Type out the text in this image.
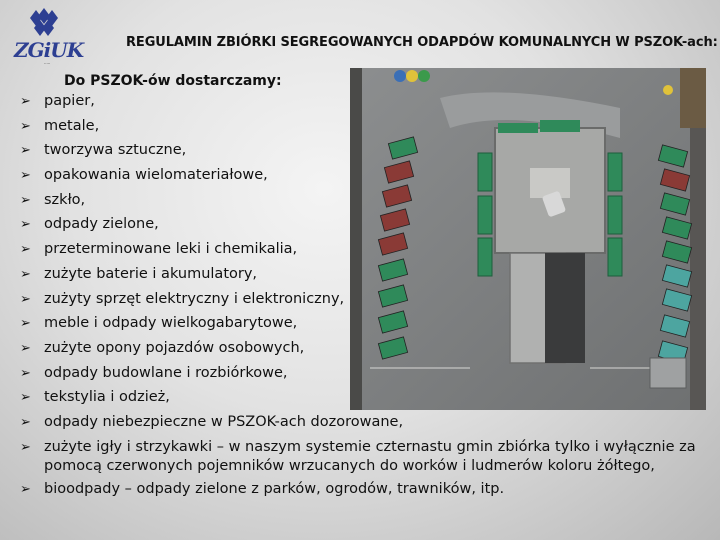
ZGiUK
·····
REGULAMIN ZBIÓRKI SEGREGOWANYCH ODAPDÓW KOMUNALNYCH W PSZOK-ach:
Do PSZOK-ów dostarczamy:
➢ papier,
➢ metale,
➢ tworzywa sztuczne,
➢ opakowania wielomateriałowe,
➢ szkło,
➢ odpady zielone,
➢ przeterminowane leki i chemikalia,
➢ zużyte baterie i akumulatory,
➢ zużyty sprzęt elektryczny i elektroniczny,
➢ meble i odpady wielkogabarytowe,
➢ zużyte opony pojazdów osobowych,
➢ odpady budowlane i rozbiórkowe,
➢ tekstylia i odzież,
➢ odpady niebezpieczne w PSZOK-ach dozorowane,
➢ zużyte igły i strzykawki – w naszym systemie czternastu gmin zbiórka tylko i wyłącznie za pomocą czerwonych pojemników wrzucanych do worków i ludmerów koloru żółtego,
➢ bioodpady – odpady zielone z parków, ogrodów, trawników, itp.
